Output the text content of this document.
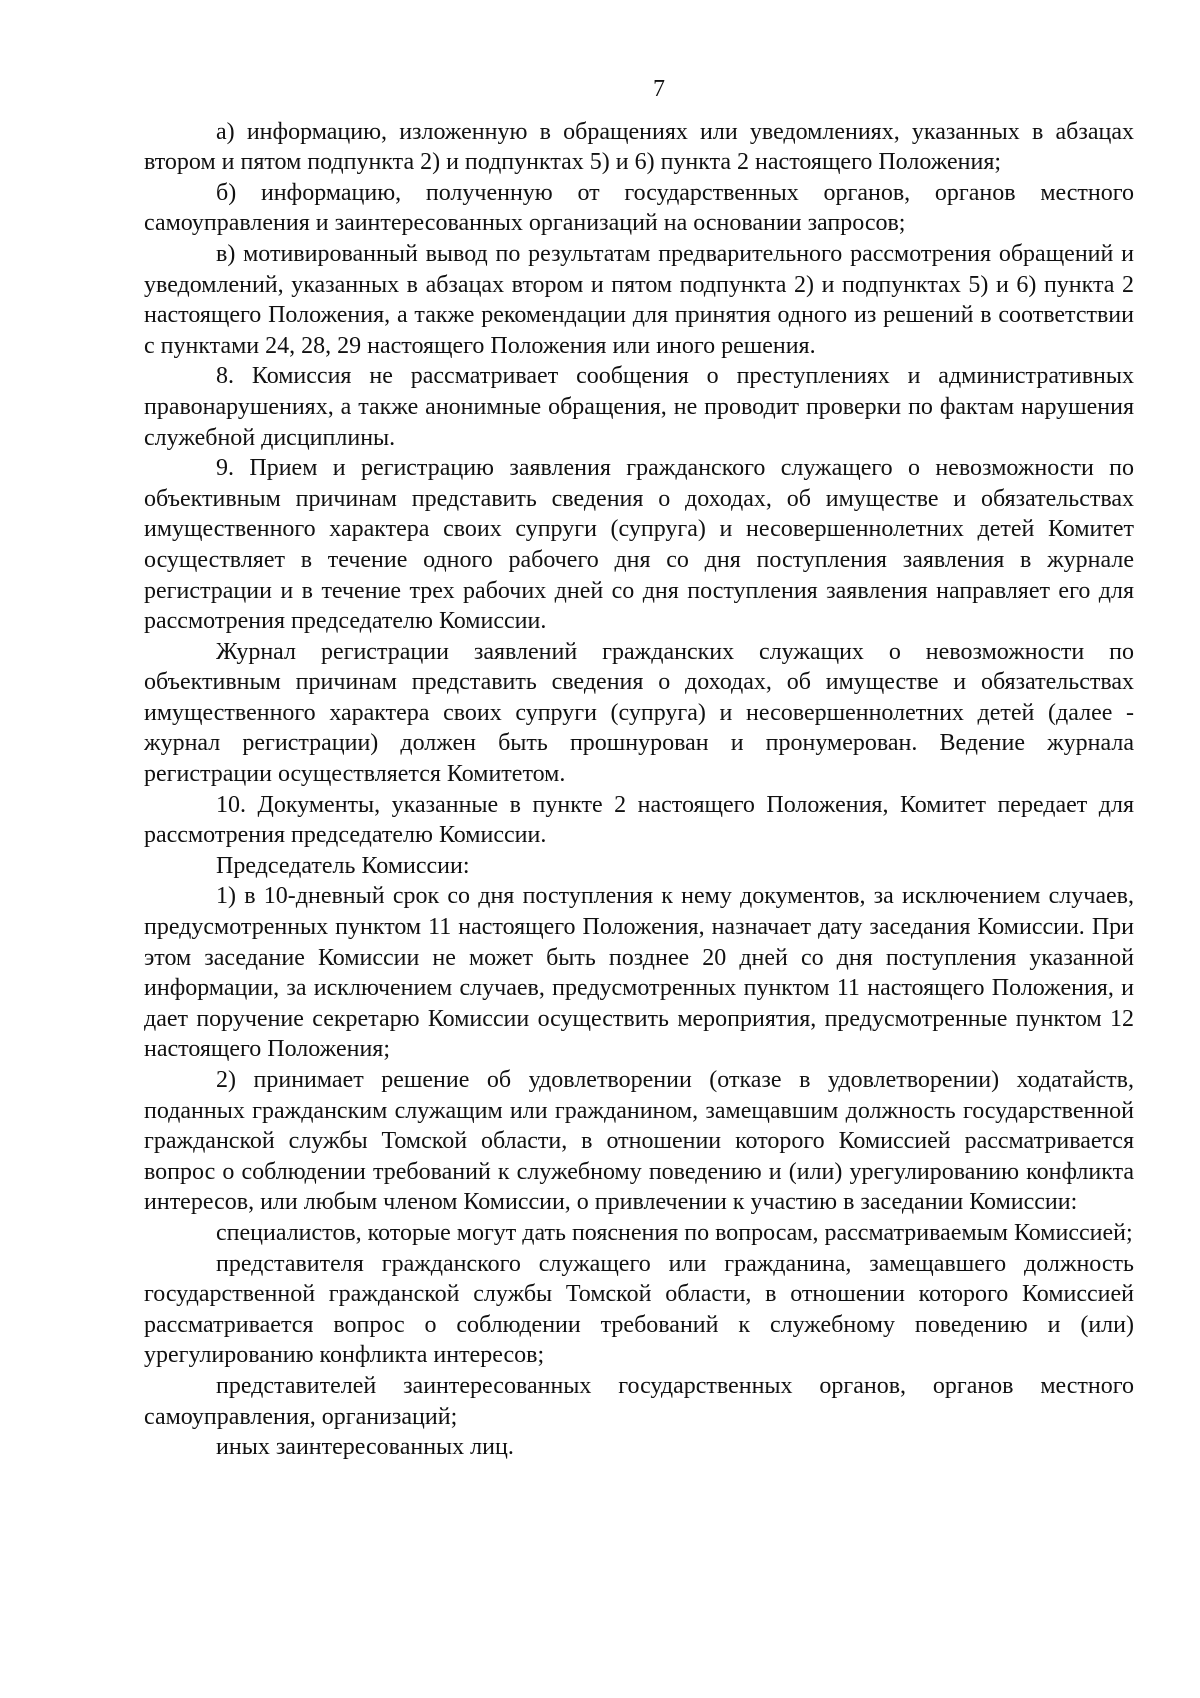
7

а) информацию, изложенную в обращениях или уведомлениях, указанных в абзацах втором и пятом подпункта 2) и подпунктах 5) и 6) пункта 2 настоящего Положения;

б) информацию, полученную от государственных органов, органов местного самоуправления и заинтересованных организаций на основании запросов;

в) мотивированный вывод по результатам предварительного рассмотрения обращений и уведомлений, указанных в абзацах втором и пятом подпункта 2) и подпунктах 5) и 6) пункта 2 настоящего Положения, а также рекомендации для принятия одного из решений в соответствии с пунктами 24, 28, 29 настоящего Положения или иного решения.

8. Комиссия не рассматривает сообщения о преступлениях и административных правонарушениях, а также анонимные обращения, не проводит проверки по фактам нарушения служебной дисциплины.

9. Прием и регистрацию заявления гражданского служащего о невозможности по объективным причинам представить сведения о доходах, об имуществе и обязательствах имущественного характера своих супруги (супруга) и несовершеннолетних детей Комитет осуществляет в течение одного рабочего дня со дня поступления заявления в журнале регистрации и в течение трех рабочих дней со дня поступления заявления направляет его для рассмотрения председателю Комиссии.

Журнал регистрации заявлений гражданских служащих о невозможности по объективным причинам представить сведения о доходах, об имуществе и обязательствах имущественного характера своих супруги (супруга) и несовершеннолетних детей (далее - журнал регистрации) должен быть прошнурован и пронумерован. Ведение журнала регистрации осуществляется Комитетом.

10. Документы, указанные в пункте 2 настоящего Положения, Комитет передает для рассмотрения председателю Комиссии.

Председатель Комиссии:

1) в 10-дневный срок со дня поступления к нему документов, за исключением случаев, предусмотренных пунктом 11 настоящего Положения, назначает дату заседания Комиссии. При этом заседание Комиссии не может быть позднее 20 дней со дня поступления указанной информации, за исключением случаев, предусмотренных пунктом 11 настоящего Положения, и дает поручение секретарю Комиссии осуществить мероприятия, предусмотренные пунктом 12 настоящего Положения;

2) принимает решение об удовлетворении (отказе в удовлетворении) ходатайств, поданных гражданским служащим или гражданином, замещавшим должность государственной гражданской службы Томской области, в отношении которого Комиссией рассматривается вопрос о соблюдении требований к служебному поведению и (или) урегулированию конфликта интересов, или любым членом Комиссии, о привлечении к участию в заседании Комиссии:

специалистов, которые могут дать пояснения по вопросам, рассматриваемым Комиссией;

представителя гражданского служащего или гражданина, замещавшего должность государственной гражданской службы Томской области, в отношении которого Комиссией рассматривается вопрос о соблюдении требований к служебному поведению и (или) урегулированию конфликта интересов;

представителей заинтересованных государственных органов, органов местного самоуправления, организаций;

иных заинтересованных лиц.
